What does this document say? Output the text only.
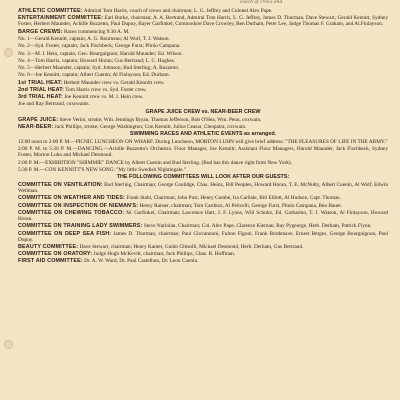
coach of crews and
ATHLETIC COMMITTEE: Admiral Tom Harris, coach of crews and chairman; L. G. Jeffrey and Colonel Alex Pape.
ENTERTAINMENT COMMITTEE: Earl Burke, chairman; A. A. Bertrand, Admiral Tom Harris, L. G. Jeffrey, James D. Thurman, Dave Stewart, Gerald Kennitt, Sydney Foster, Herbert Maunder, Achille Buzzetto, Paul Dupuy, Bayer Garfinkel, Commodore Dave Crowley, Ben Durham, Peter Lee, Judge Thomas F. Graham, and Al.Finlayson.
BARGE CREWS: Races commencing 9:30 A. M.
No. 1—Gerald Kennitt, captain; A. G. Bourneau; Al Wolf, T. J. Watson.
No. 2—Syd. Foster, captain; Jack Fischbeck; George Furst; Plinio Campana.
No. 3—M. I. Hein, captain; Geo. Bourguignon; Harold Maunder; Ed. Wilson.
No. 4—Tom Harris, captain; Howard Horan; Gus Bertrand; L. C. Hughes.
No. 5—Herbert Maunder, captain; Syd. Johnson; Bud Sterling; A. Buzzetto.
No. 6—Joe Kennitt, captain; Albert Cuenin; Al Finlayson; Ed. Durham.
1st TRIAL HEAT: Herbert Maunder crew vs. Gerald Kennitt crew.
2nd TRIAL HEAT: Tom Harris crew vs. Syd. Foster crew.
3rd TRIAL HEAT: Joe Kennitt crew vs. M. I. Hein crew.
Joe and Ray Bertrand, coxswains.
GRAPE JUICE CREW vs. NEAR-BEER CREW
GRAPE JUICE: Steve Verini, stroke; Wm. Jennings Bryan, Thomas Jefferson, Bob O'Hea, Wm. Penn, coxwain.
NEAR-BEER: Jack Phillips, stroke; George Washington; Con Kennitt, Julius Ceasar, Cleopatra, coxwain.
SWIMMING RACES AND ATHLETIC EVENTS as arranged.
12:00 noon to 2:00 P. M.—PICNIC LUNCHEON ON WHARF. During Luncheon, MORTON LUHN will give brief address: "THE PLEASURES OF LIFE IN THE ARMY."
2:00 P. M. to 5:30 P. M.—DANCING.—Achille Buzzetto's Orchestra. Floor Manager, Joe Kennitt; Assistant Floor Managers, Harold Maunder, Jack Fischbeck, Sydney Foster, Morton Luhn and Michael Desmond.
2:00 P. M.—EXHIBITION "SHIMMIE" DANCE by Albert Cuenin and Bud Sterling. (Bud has this dance right from New York).
5:30 P. M.—CON KENNITT'S NEW SONG: "My little Swedish Nightingale."
THE FOLLOWING COMMITTEES WILL LOOK AFTER OUR GUESTS:
COMMITTEE ON VENTILATION: Bud Sterling, Chairman; George Coolidge, Chas. Heinz, Bill Peoples, Howard Horan, T. E. McNulty, Albert Cuenin, Al Wolf, Edwin Wellman.
COMMITTEE ON WEATHER AND TIDES: Frank Stahl, Chairman; John Post, Henry Combe, Ira Carlisle, Bill Elliott, Al Hudson, Capt. Thomas.
COMMITTEE ON INSPECTION OF NIEMAN'S: Henry Ranser, chairman; Tom Cardozo, Al Pelicelli, George Furst, Plinio Campana, Ben Bauer.
COMMITTEE ON CHEWING TOBACCO: M. Garfinkel, Chairman; Lawrence Hart, J. F. Lyons, Will Schultz, Ed. Garbarino, T. J. Watson, Al Finlayson, Howard Horan.
COMMITTEE ON TRAINING LADY SWIMMERS: Steve Nariolan, Chairman; Col. Alex Pape, Clarence Kiernan, Ray Pygeorge, Herb. Derham, Patrick Flynn.
COMMITTEE ON DEEP SEA FISH: James D. Thurman, chairman; Paul Giovannoni, Fulton Figoni, Frank Bordenave, Ernest Berges, George Bourguignon, Paul Dupuy.
BEAUTY COMMITTEE: Dave Stewart, chairman; Henry Kanter, Guido Ghisolli, Michael Desmond, Herb. Derham, Gus Bertrand.
COMMITTEE ON ORATORY: Judge Hugh McKevitt, chairman; Jack Phillips, Chas. R. Hoffman.
FIRST AID COMMITTEE: Dr. A. W. Ward, Dr. Paul Castelhun, Dr. Leon Cuenin.
